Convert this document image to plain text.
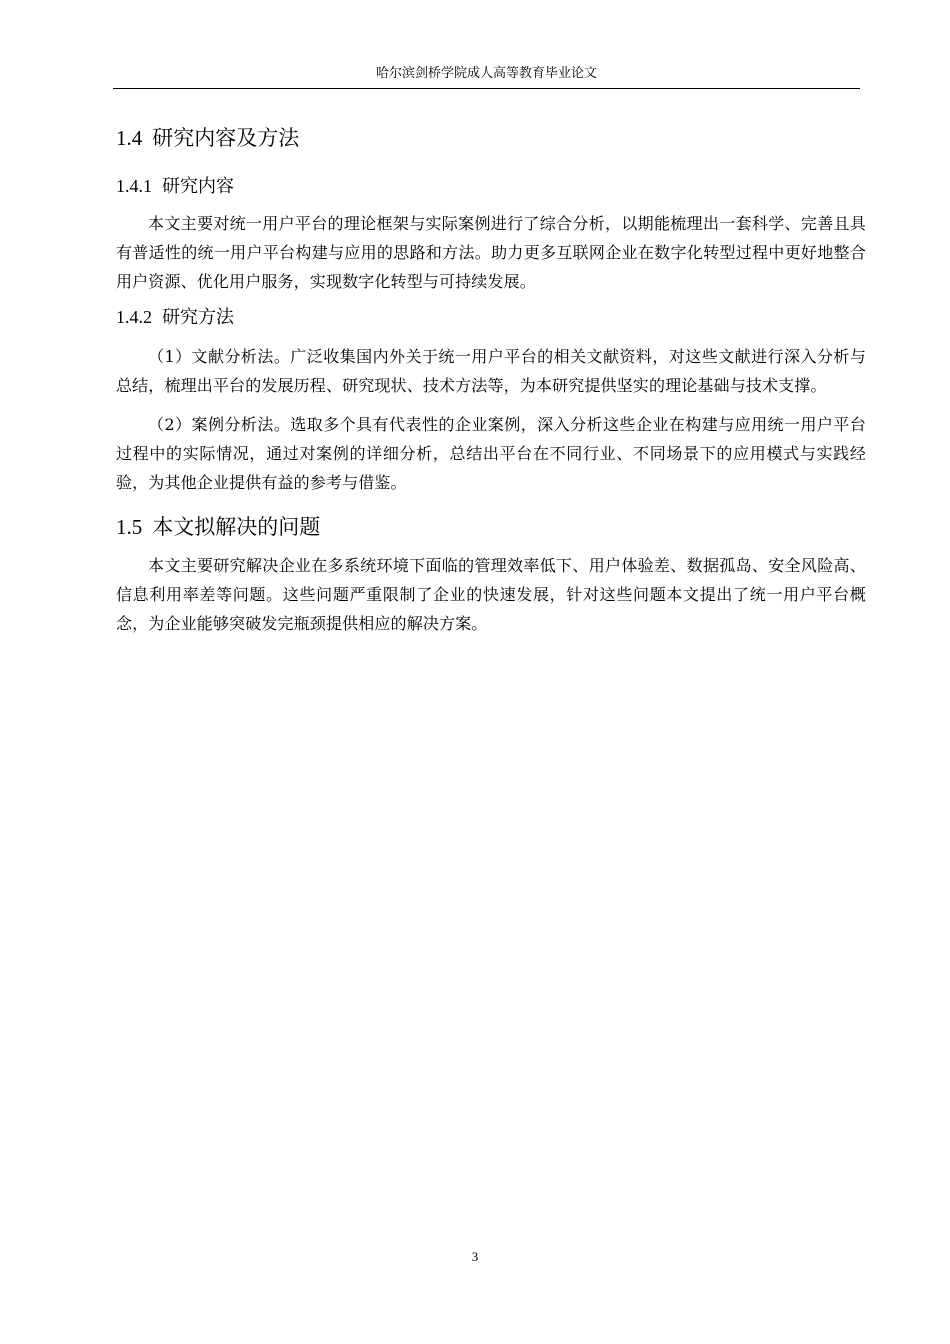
哈尔滨剑桥学院成人高等教育毕业论文
1.4 研究内容及方法
1.4.1 研究内容

本文主要对统一用户平台的理论框架与实际案例进行了综合分析，以期能梳理出一套科学、完善且具有普适性的统一用户平台构建与应用的思路和方法。助力更多互联网企业在数字化转型过程中更好地整合用户资源、优化用户服务，实现数字化转型与可持续发展。

1.4.2 研究方法

（1）文献分析法。广泛收集国内外关于统一用户平台的相关文献资料，对这些文献进行深入分析与总结，梳理出平台的发展历程、研究现状、技术方法等，为本研究提供坚实的理论基础与技术支撑。

（2）案例分析法。选取多个具有代表性的企业案例，深入分析这些企业在构建与应用统一用户平台过程中的实际情况，通过对案例的详细分析，总结出平台在不同行业、不同场景下的应用模式与实践经验，为其他企业提供有益的参考与借鉴。

1.5 本文拟解决的问题

本文主要研究解决企业在多系统环境下面临的管理效率低下、用户体验差、数据孤岛、安全风险高、信息利用率差等问题。这些问题严重限制了企业的快速发展，针对这些问题本文提出了统一用户平台概念，为企业能够突破发完瓶颈提供相应的解决方案。

3
